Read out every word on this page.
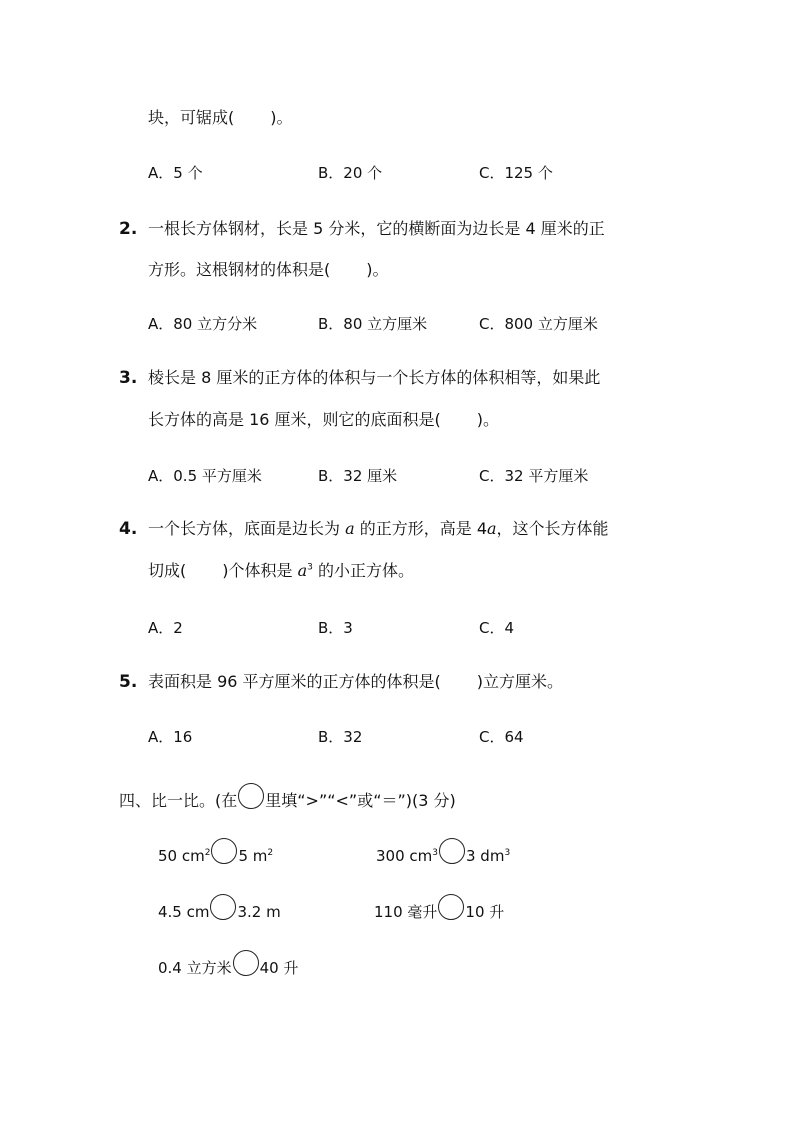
块，可锯成( )。
A．5 个	B．20 个	C．125 个
2. 一根长方体钢材，长是 5 分米，它的横断面为边长是 4 厘米的正
方形。这根钢材的体积是( )。
A．80 立方分米	B．80 立方厘米	C．800 立方厘米
3. 棱长是 8 厘米的正方体的体积与一个长方体的体积相等，如果此
长方体的高是 16 厘米，则它的底面积是( )。
A．0.5 平方厘米	B．32 厘米	C．32 平方厘米
4. 一个长方体，底面是边长为 a 的正方形，高是 4a，这个长方体能
切成( )个体积是 $a^3$ 的小正方体。
A．2	B．3	C．4
5. 表面积是 96 平方厘米的正方体的体积是( )立方厘米。
A．16	B．32	C．64
四、比一比。(在 里填“>”“<”或“＝”)(3 分)
50 $cm^2$ 5 $m^2$	300 $cm^3$ 3 $dm^3$
4.5 cm 3.2 m	110 毫升 10 升
0.4 立方米 40 升
